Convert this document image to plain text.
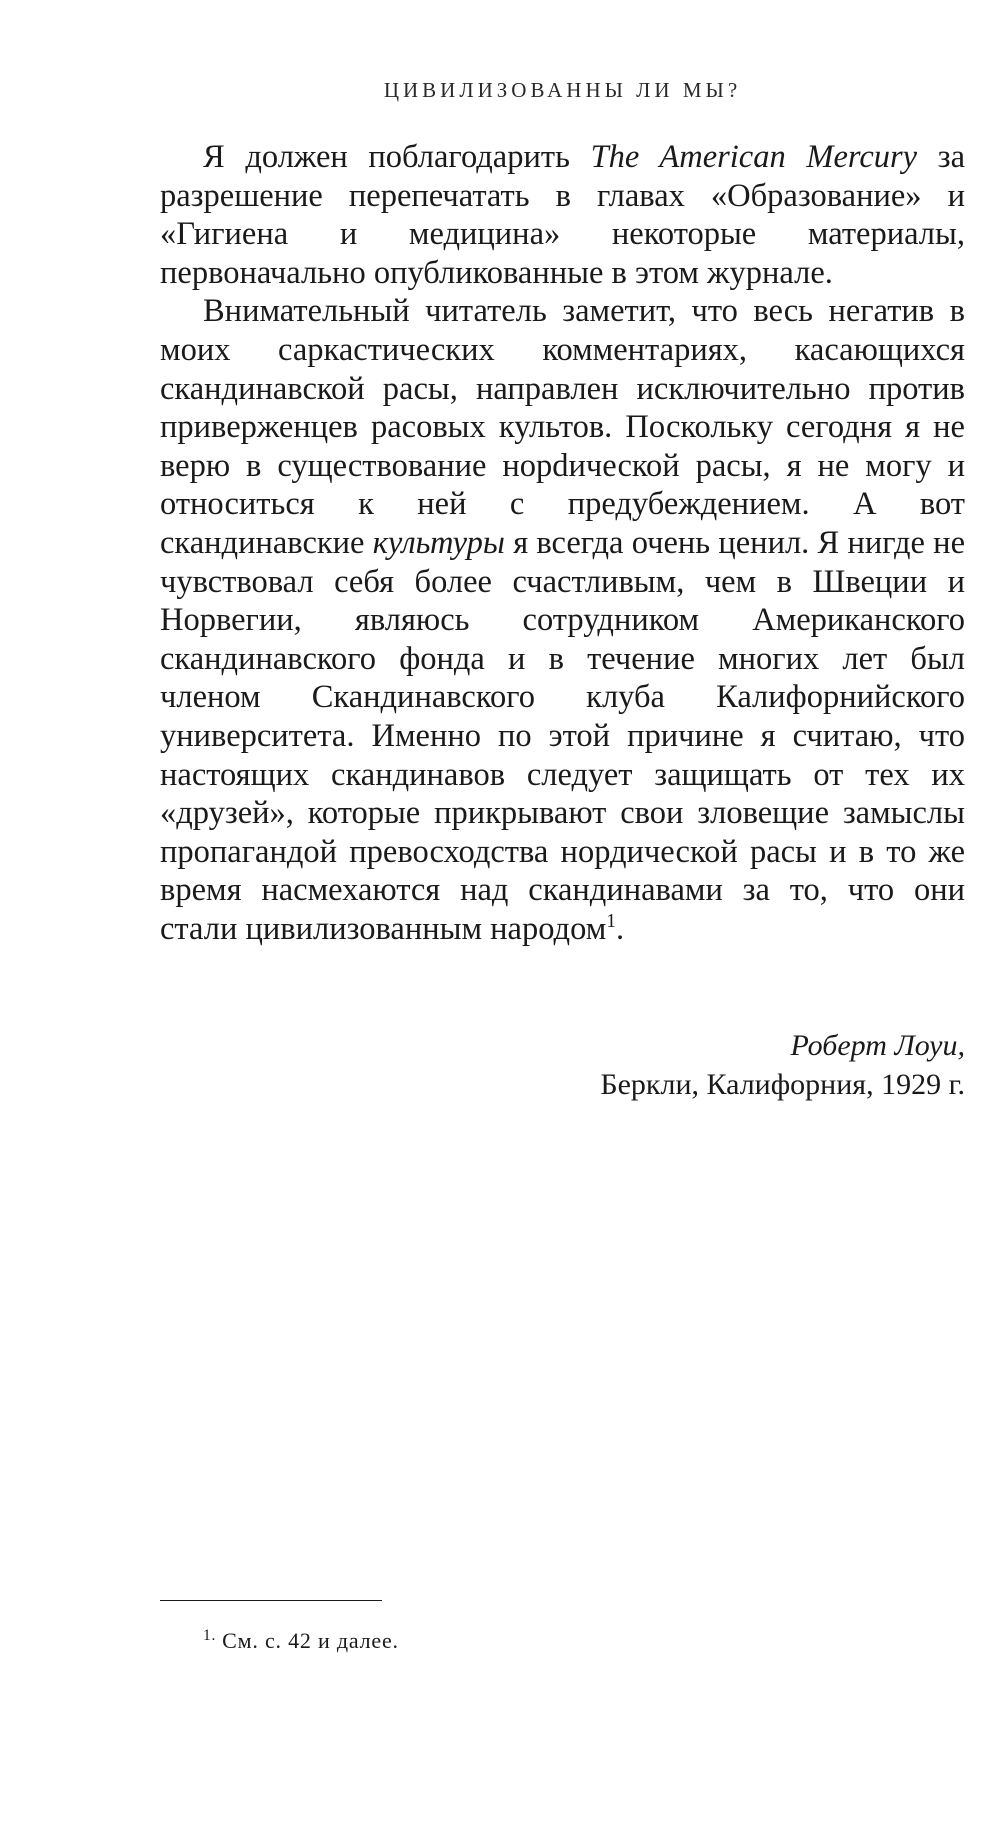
ЦИВИЛИЗОВАННЫ ЛИ МЫ?

Я должен поблагодарить The American Mercury за разрешение перепечатать в главах «Образование» и «Гигиена и медицина» некоторые материалы, первоначально опубликованные в этом журнале.

Внимательный читатель заметит, что весь негатив в моих саркастических комментариях, касающихся скандинавской расы, направлен исключительно против приверженцев расовых культов. Поскольку сегодня я не верю в существование норdической расы, я не могу и относиться к ней с предубеждением. А вот скандинавские культуры я всегда очень ценил. Я нигде не чувствовал себя более счастливым, чем в Швеции и Норвегии, являюсь сотрудником Американского скандинавского фонда и в течение многих лет был членом Скандинавского клуба Калифорнийского университета. Именно по этой причине я считаю, что настоящих скандинавов следует защищать от тех их «друзей», которые прикрывают свои зловещие замыслы пропагандой превосходства нордической расы и в то же время насмехаются над скандинавами за то, что они стали цивилизованным народом$^1$.

Роберт Лоуи,
Беркли, Калифорния, 1929 г.
$^{1.}$ См. с. 42 и далее.
